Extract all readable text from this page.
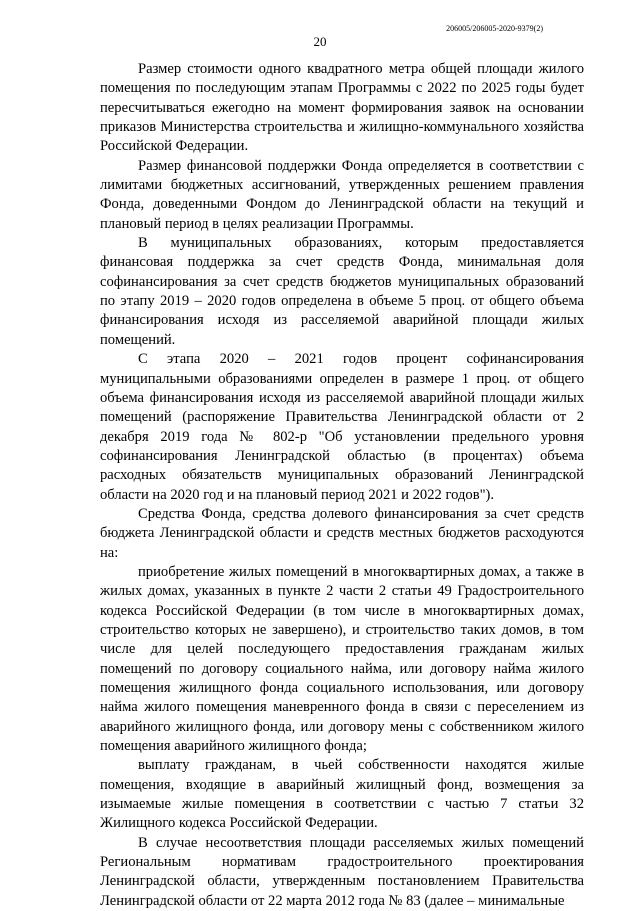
206005/206005-2020-9379(2)
20

Размер стоимости одного квадратного метра общей площади жилого помещения по последующим этапам Программы с 2022 по 2025 годы будет пересчитываться ежегодно на момент формирования заявок на основании приказов Министерства строительства и жилищно-коммунального хозяйства Российской Федерации.

Размер финансовой поддержки Фонда определяется в соответствии с лимитами бюджетных ассигнований, утвержденных решением правления Фонда, доведенными Фондом до Ленинградской области на текущий и плановый период в целях реализации Программы.

В муниципальных образованиях, которым предоставляется финансовая поддержка за счет средств Фонда, минимальная доля софинансирования за счет средств бюджетов муниципальных образований по этапу 2019 – 2020 годов определена в объеме 5 проц. от общего объема финансирования исходя из расселяемой аварийной площади жилых помещений.

С этапа 2020 – 2021 годов процент софинансирования муниципальными образованиями определен в размере 1 проц. от общего объема финансирования исходя из расселяемой аварийной площади жилых помещений (распоряжение Правительства Ленинградской области от 2 декабря 2019 года № 802-р "Об установлении предельного уровня софинансирования Ленинградской областью (в процентах) объема расходных обязательств муниципальных образований Ленинградской области на 2020 год и на плановый период 2021 и 2022 годов").

Средства Фонда, средства долевого финансирования за счет средств бюджета Ленинградской области и средств местных бюджетов расходуются на:

приобретение жилых помещений в многоквартирных домах, а также в жилых домах, указанных в пункте 2 части 2 статьи 49 Градостроительного кодекса Российской Федерации (в том числе в многоквартирных домах, строительство которых не завершено), и строительство таких домов, в том числе для целей последующего предоставления гражданам жилых помещений по договору социального найма, или договору найма жилого помещения жилищного фонда социального использования, или договору найма жилого помещения маневренного фонда в связи с переселением из аварийного жилищного фонда, или договору мены с собственником жилого помещения аварийного жилищного фонда;

выплату гражданам, в чьей собственности находятся жилые помещения, входящие в аварийный жилищный фонд, возмещения за изымаемые жилые помещения в соответствии с частью 7 статьи 32 Жилищного кодекса Российской Федерации.

В случае несоответствия площади расселяемых жилых помещений Региональным нормативам градостроительного проектирования Ленинградской области, утвержденным постановлением Правительства Ленинградской области от 22 марта 2012 года № 83 (далее – минимальные
